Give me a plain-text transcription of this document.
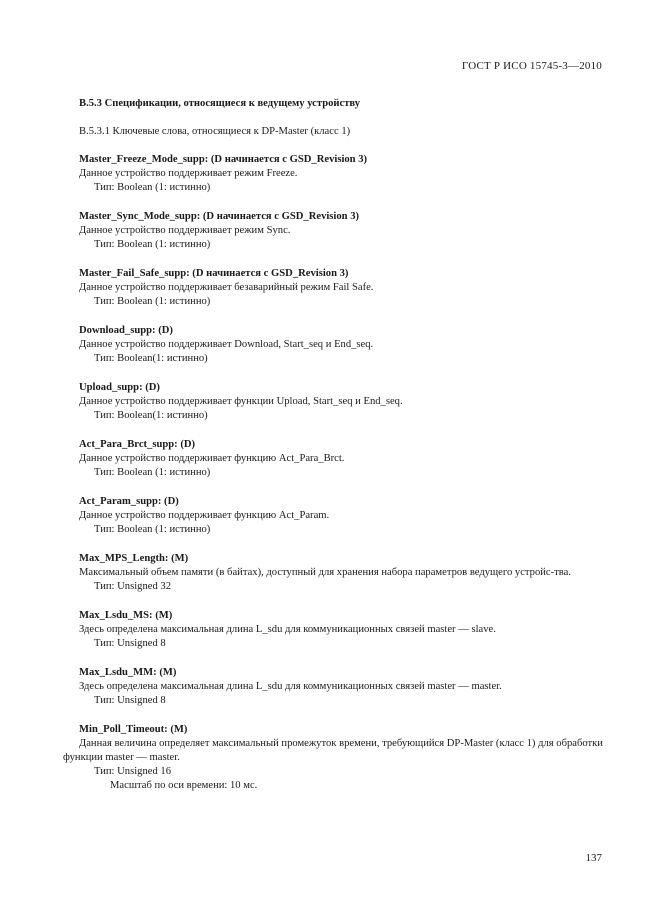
ГОСТ Р ИСО 15745-3—2010
B.5.3 Спецификации, относящиеся к ведущему устройству
B.5.3.1 Ключевые слова, относящиеся к DP-Master (класс 1)
Master_Freeze_Mode_supp: (D начинается с GSD_Revision 3)
Данное устройство поддерживает режим Freeze.
Тип: Boolean (1: истинно)
Master_Sync_Mode_supp: (D начинается с GSD_Revision 3)
Данное устройство поддерживает режим Sync.
Тип: Boolean (1: истинно)
Master_Fail_Safe_supp: (D начинается с GSD_Revision 3)
Данное устройство поддерживает безаварийный режим Fail Safe.
Тип: Boolean (1: истинно)
Download_supp: (D)
Данное устройство поддерживает Download, Start_seq и End_seq.
Тип: Boolean(1: истинно)
Upload_supp: (D)
Данное устройство поддерживает функции Upload, Start_seq и End_seq.
Тип: Boolean(1: истинно)
Act_Para_Brct_supp: (D)
Данное устройство поддерживает функцию Act_Para_Brct.
Тип: Boolean (1: истинно)
Act_Param_supp: (D)
Данное устройство поддерживает функцию Act_Param.
Тип: Boolean (1: истинно)
Max_MPS_Length: (M)
Максимальный объем памяти (в байтах), доступный для хранения набора параметров ведущего устройс-тва.
Тип: Unsigned 32
Max_Lsdu_MS: (M)
Здесь определена максимальная длина L_sdu для коммуникационных связей master — slave.
Тип: Unsigned 8
Max_Lsdu_MM: (M)
Здесь определена максимальная длина L_sdu для коммуникационных связей master — master.
Тип: Unsigned 8
Min_Poll_Timeout: (M)
Данная величина определяет максимальный промежуток времени, требующийся DP-Master (класс 1) для обработки функции master — master.
Тип: Unsigned 16
Масштаб по оси времени: 10 мс.
137
